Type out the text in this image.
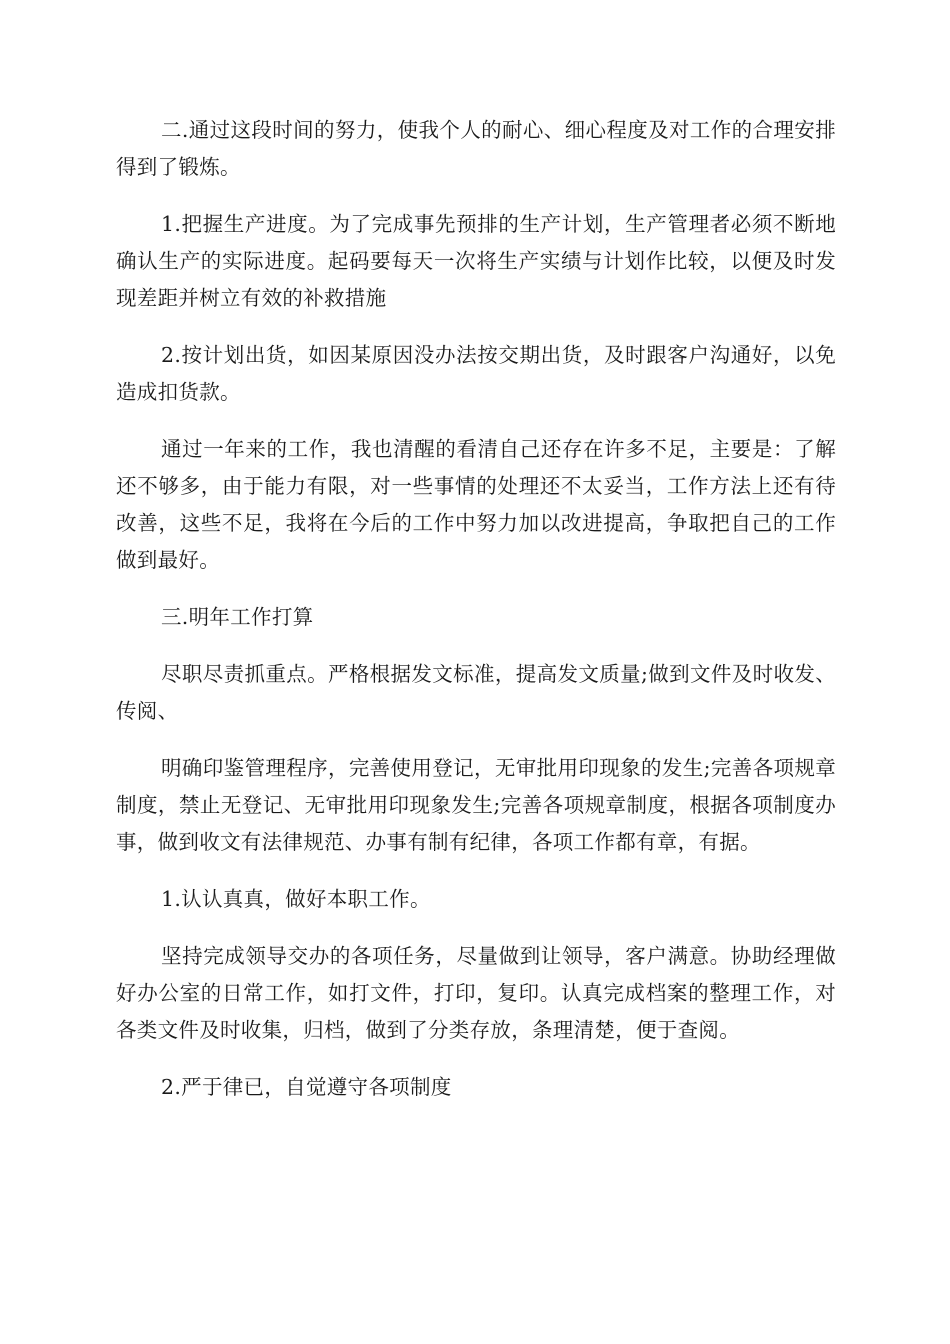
二.通过这段时间的努力，使我个人的耐心、细心程度及对工作的合理安排得到了锻炼。

1.把握生产进度。为了完成事先预排的生产计划，生产管理者必须不断地确认生产的实际进度。起码要每天一次将生产实绩与计划作比较，以便及时发现差距并树立有效的补救措施

2.按计划出货，如因某原因没办法按交期出货，及时跟客户沟通好，以免造成扣货款。

通过一年来的工作，我也清醒的看清自己还存在许多不足，主要是：了解还不够多，由于能力有限，对一些事情的处理还不太妥当，工作方法上还有待改善，这些不足，我将在今后的工作中努力加以改进提高，争取把自己的工作做到最好。

三.明年工作打算

尽职尽责抓重点。严格根据发文标准，提高发文质量;做到文件及时收发、传阅、

明确印鉴管理程序，完善使用登记，无审批用印现象的发生;完善各项规章制度，禁止无登记、无审批用印现象发生;完善各项规章制度，根据各项制度办事，做到收文有法律规范、办事有制有纪律，各项工作都有章，有据。

1.认认真真，做好本职工作。

坚持完成领导交办的各项任务，尽量做到让领导，客户满意。协助经理做好办公室的日常工作，如打文件，打印，复印。认真完成档案的整理工作，对各类文件及时收集，归档，做到了分类存放，条理清楚，便于查阅。

2.严于律已，自觉遵守各项制度
